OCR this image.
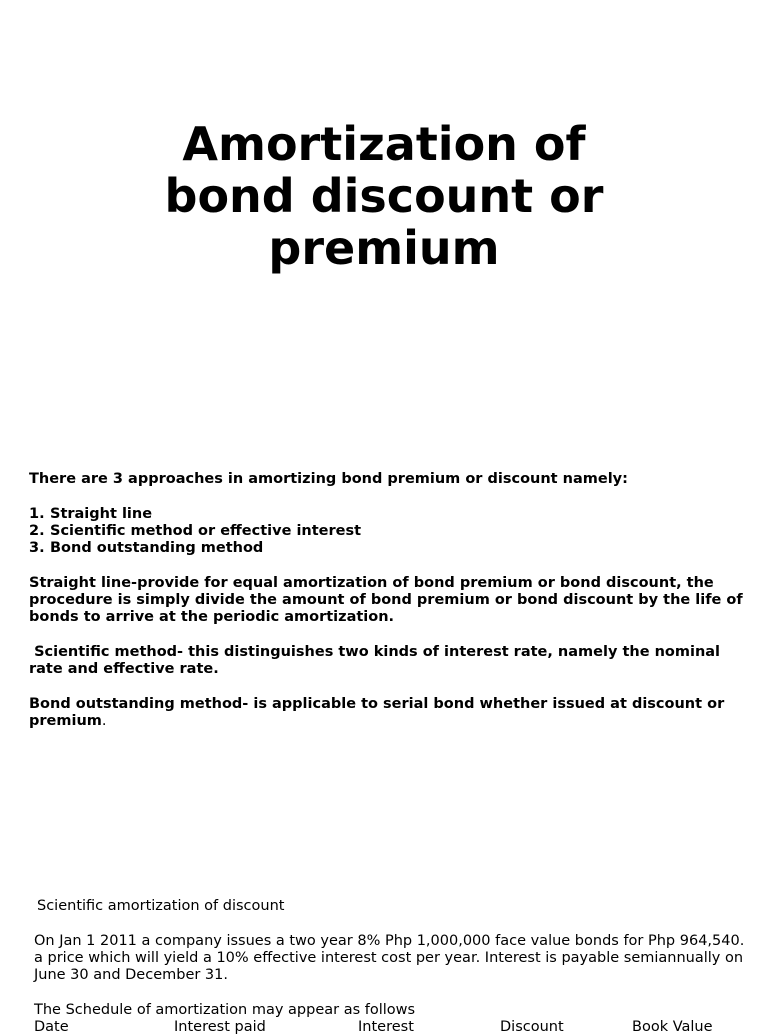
Amortization of
bond discount or
premium

There are 3 approaches in amortizing bond premium or discount namely:

1. Straight line
2. Scientific method or effective interest
3. Bond outstanding method

Straight line-provide for equal amortization of bond premium or bond discount, the procedure is simply divide the amount of bond premium or bond discount by the life of bonds to arrive at the periodic amortization.

Scientific method- this distinguishes two kinds of interest rate, namely the nominal rate and effective rate.

Bond outstanding method- is applicable to serial bond whether issued at discount or premium.

Scientific amortization of discount

On Jan 1 2011 a company issues a two year 8% Php 1,000,000 face value bonds for Php 964,540. a price which will yield a 10% effective interest cost per year. Interest is payable semiannually on June 30 and December 31.

The Schedule of amortization may appear as follows

Date	Interest paid	Interest	Discount	Book Value
